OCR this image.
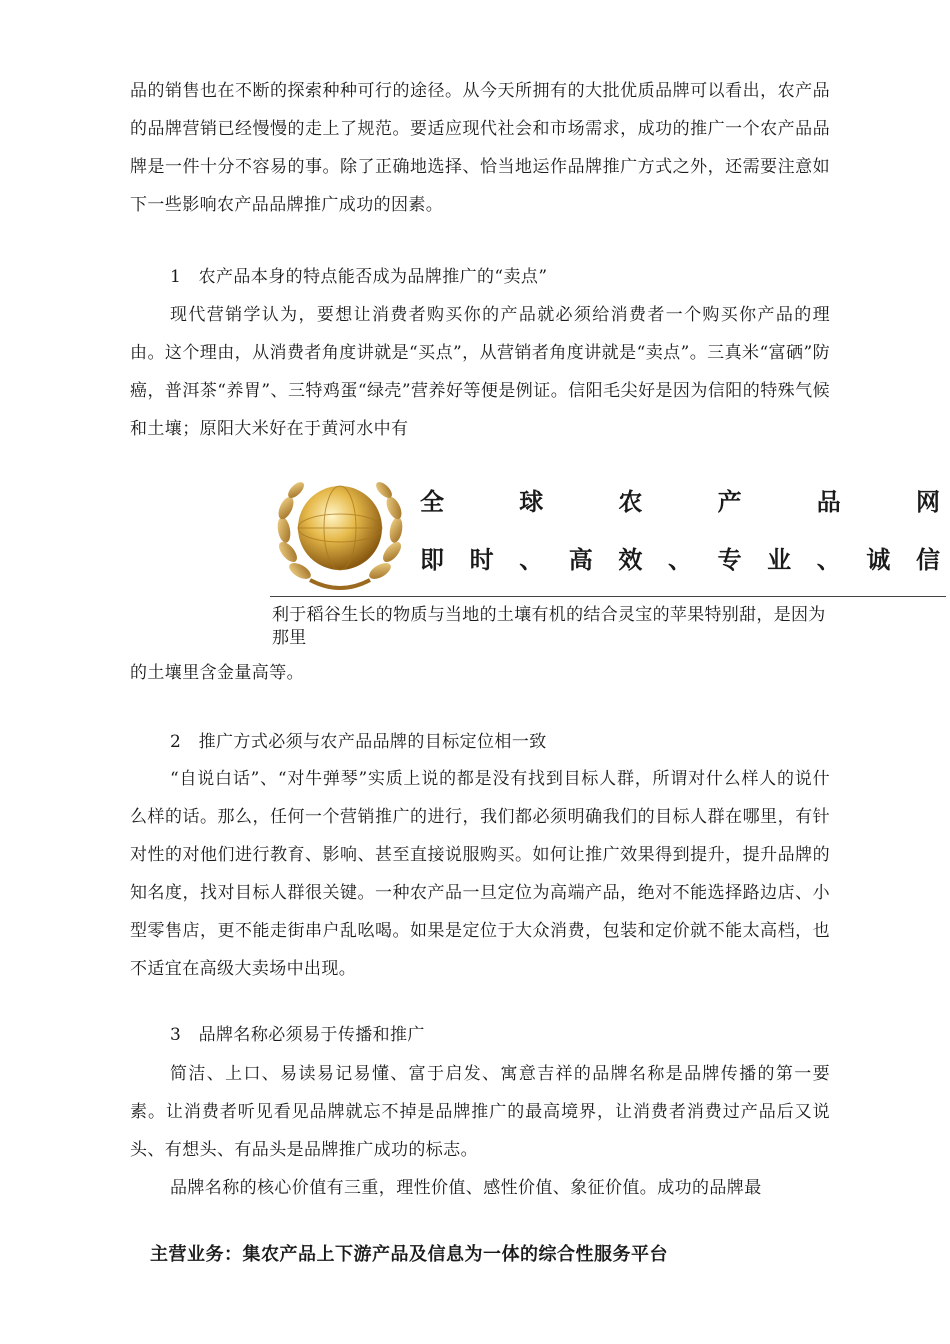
品的销售也在不断的探索种种可行的途径。从今天所拥有的大批优质品牌可以看出，农产品的品牌营销已经慢慢的走上了规范。要适应现代社会和市场需求，成功的推广一个农产品品牌是一件十分不容易的事。除了正确地选择、恰当地运作品牌推广方式之外，还需要注意如下一些影响农产品品牌推广成功的因素。
1   农产品本身的特点能否成为品牌推广的“卖点”
现代营销学认为，要想让消费者购买你的产品就必须给消费者一个购买你产品的理由。这个理由，从消费者角度讲就是“买点”，从营销者角度讲就是“卖点”。三真米“富硒”防癌，普洱茶“养胃”、三特鸡蛋“绿壳”营养好等便是例证。信阳毛尖好是因为信阳的特殊气候和土壤；原阳大米好在于黄河水中有
全	球	农	产	品	网
即 时 、 高 效 、 专 业 、 诚 信
利于稻谷生长的物质与当地的土壤有机的结合灵宝的苹果特别甜，是因为那里
的土壤里含金量高等。
2   推广方式必须与农产品品牌的目标定位相一致
“自说白话”、“对牛弹琴”实质上说的都是没有找到目标人群，所谓对什么样人的说什么样的话。那么，任何一个营销推广的进行，我们都必须明确我们的目标人群在哪里，有针对性的对他们进行教育、影响、甚至直接说服购买。如何让推广效果得到提升，提升品牌的知名度，找对目标人群很关键。一种农产品一旦定位为高端产品，绝对不能选择路边店、小型零售店，更不能走街串户乱吆喝。如果是定位于大众消费，包装和定价就不能太高档，也不适宜在高级大卖场中出现。
3   品牌名称必须易于传播和推广
简洁、上口、易读易记易懂、富于启发、寓意吉祥的品牌名称是品牌传播的第一要素。让消费者听见看见品牌就忘不掉是品牌推广的最高境界，让消费者消费过产品后又说头、有想头、有品头是品牌推广成功的标志。
品牌名称的核心价值有三重，理性价值、感性价值、象征价值。成功的品牌最
主营业务：集农产品上下游产品及信息为一体的综合性服务平台
